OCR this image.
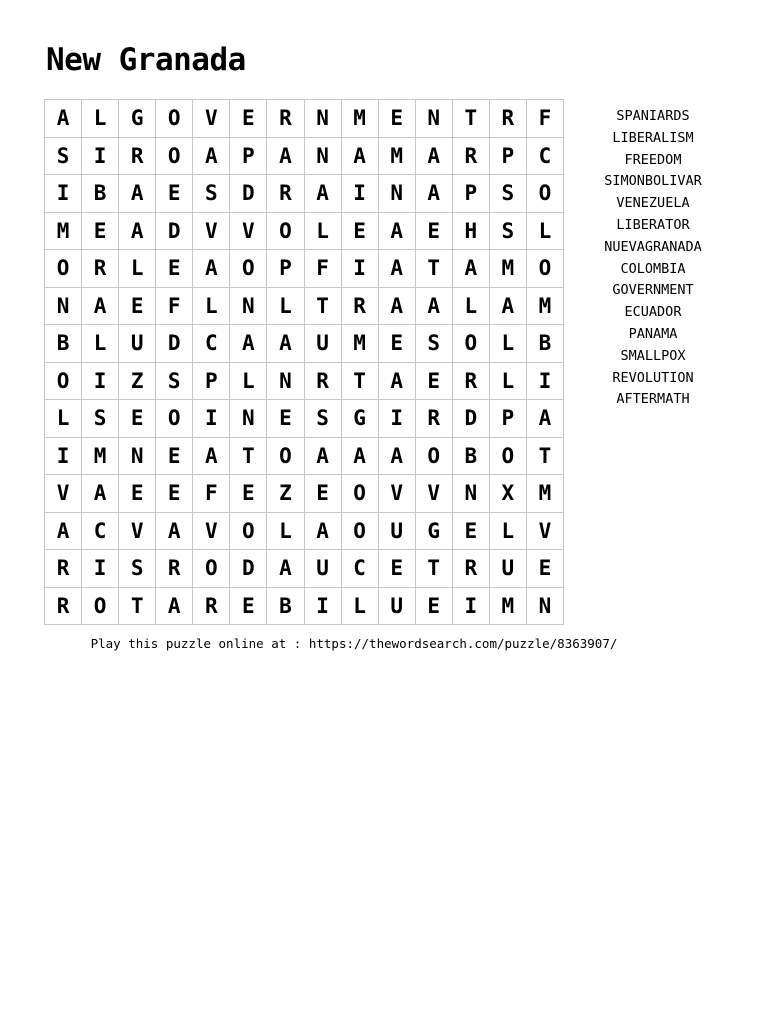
New Granada
A	L	G	O	V	E	R	N	M	E	N	T	R	F
S	I	R	O	A	P	A	N	A	M	A	R	P	C
I	B	A	E	S	D	R	A	I	N	A	P	S	O
M	E	A	D	V	V	O	L	E	A	E	H	S	L
O	R	L	E	A	O	P	F	I	A	T	A	M	O
N	A	E	F	L	N	L	T	R	A	A	L	A	M
B	L	U	D	C	A	A	U	M	E	S	O	L	B
O	I	Z	S	P	L	N	R	T	A	E	R	L	I
L	S	E	O	I	N	E	S	G	I	R	D	P	A
I	M	N	E	A	T	O	A	A	A	O	B	O	T
V	A	E	E	F	E	Z	E	O	V	V	N	X	M
A	C	V	A	V	O	L	A	O	U	G	E	L	V
R	I	S	R	O	D	A	U	C	E	T	R	U	E
R	O	T	A	R	E	B	I	L	U	E	I	M	N
SPANIARDS
LIBERALISM
FREEDOM
SIMONBOLIVAR
VENEZUELA
LIBERATOR
NUEVAGRANADA
COLOMBIA
GOVERNMENT
ECUADOR
PANAMA
SMALLPOX
REVOLUTION
AFTERMATH
Play this puzzle online at : https://thewordsearch.com/puzzle/8363907/
